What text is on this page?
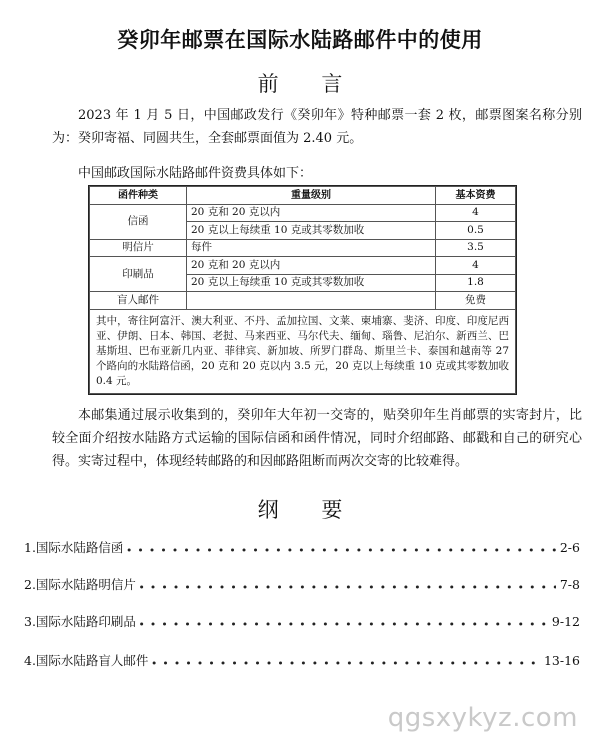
癸卯年邮票在国际水陆路邮件中的使用
前 言
2023 年 1 月 5 日，中国邮政发行《癸卯年》特种邮票一套 2 枚，邮票图案名称分别为：癸卯寄福、同圆共生，全套邮票面值为 2.40 元。
中国邮政国际水陆路邮件资费具体如下：
函件种类	重量级别	基本资费
信函	20 克和 20 克以内	4
	20 克以上每续重 10 克或其零数加收	0.5
明信片	每件	3.5
印刷品	20 克和 20 克以内	4
	20 克以上每续重 10 克或其零数加收	1.8
盲人邮件		免费
其中，寄往阿富汗、澳大利亚、不丹、孟加拉国、文莱、柬埔寨、斐济、印度、印度尼西亚、伊朗、日本、韩国、老挝、马来西亚、马尔代夫、缅甸、瑙鲁、尼泊尔、新西兰、巴基斯坦、巴布亚新几内亚、菲律宾、新加坡、所罗门群岛、斯里兰卡、泰国和越南等 27 个路向的水陆路信函，20 克和 20 克以内 3.5 元，20 克以上每续重 10 克或其零数加收 0.4 元。		
本邮集通过展示收集到的，癸卯年大年初一交寄的，贴癸卯年生肖邮票的实寄封片，比较全面介绍按水陆路方式运输的国际信函和函件情况，同时介绍邮路、邮戳和自己的研究心得。实寄过程中，体现经转邮路的和因邮路阻断而两次交寄的比较难得。
纲 要
1.国际水陆路信函 ●●●●●●●●●●●●●●●●●●●●●●●●●●●●●●●●●●●●●●●●●●●●●●●●●●●●●●●●●●●●●●●●●●●●●●●●●●●●●●●●●●●●●●●●●●●●	2-6
2.国际水陆路明信片 ●●●●●●●●●●●●●●●●●●●●●●●●●●●●●●●●●●●●●●●●●●●●●●●●●●●●●●●●●●●●●●●●●●●●●●●●●●●●●●●●●●●●●●●●●●●●	7-8
3.国际水陆路印刷品 ●●●●●●●●●●●●●●●●●●●●●●●●●●●●●●●●●●●●●●●●●●●●●●●●●●●●●●●●●●●●●●●●●●●●●●●●●●●●●●●●●●●●●●●●●●●●	9-12
4.国际水陆路盲人邮件 ●●●●●●●●●●●●●●●●●●●●●●●●●●●●●●●●●●●●●●●●●●●●●●●●●●●●●●●●●●●●●●●●●●●●●●●●●●●●●●●●●●●●●●●●●●●●	13-16
qgsxykyz.com
